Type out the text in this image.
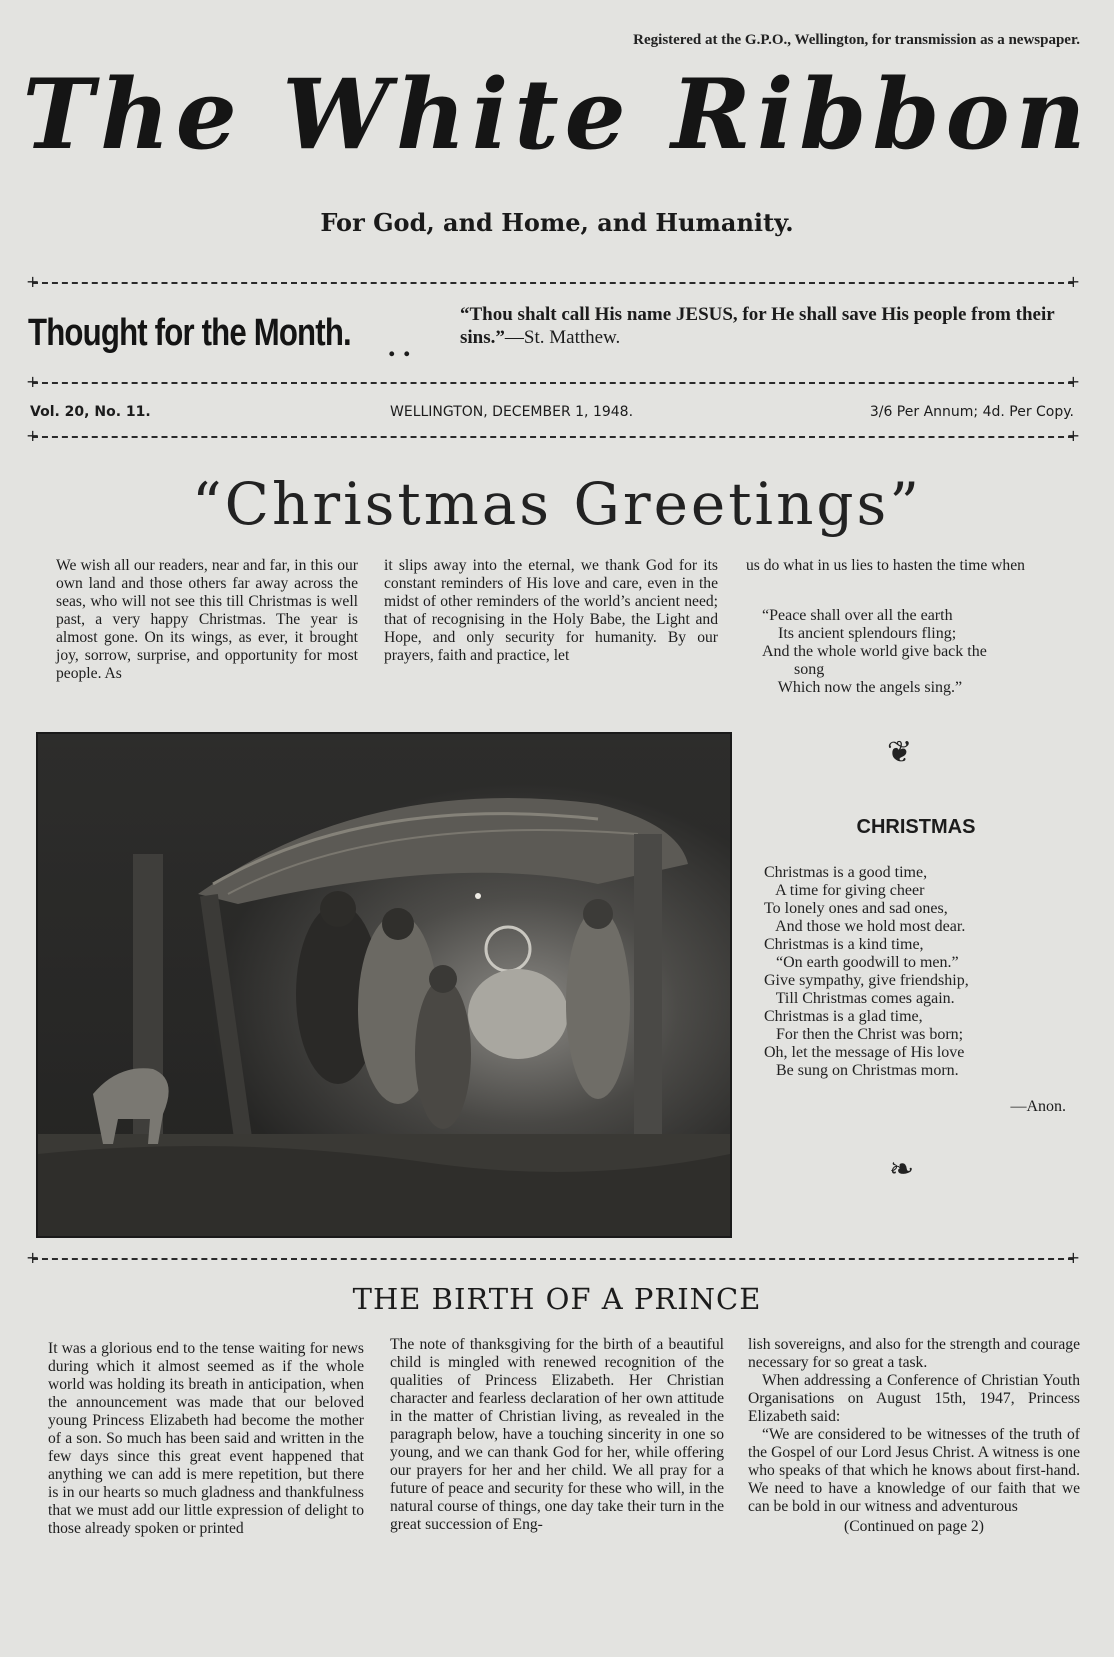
Registered at the G.P.O., Wellington, for transmission as a newspaper.
The White Ribbon
For God, and Home, and Humanity.
+ +
Thought for the Month. . .
“Thou shalt call His name JESUS, for He shall save His people from their sins.”—St. Matthew.
+ +
Vol. 20, No. 11.	WELLINGTON, DECEMBER 1, 1948.	3/6 Per Annum; 4d. Per Copy.
+ +
“Christmas Greetings”
We wish all our readers, near and far, in this our own land and those others far away across the seas, who will not see this till Christmas is well past, a very happy Christmas. The year is almost gone. On its wings, as ever, it brought joy, sorrow, surprise, and opportunity for most people. As
it slips away into the eternal, we thank God for its constant reminders of His love and care, even in the midst of other reminders of the world’s ancient need; that of recognising in the Holy Babe, the Light and Hope, and only security for humanity. By our prayers, faith and practice, let
us do what in us lies to hasten the time when
“Peace shall over all the earth
Its ancient splendours fling;
And the whole world give back the
song
Which now the angels sing.”
❦
CHRISTMAS
Christmas is a good time,
A time for giving cheer
To lonely ones and sad ones,
And those we hold most dear.
Christmas is a kind time,
“On earth goodwill to men.”
Give sympathy, give friendship,
Till Christmas comes again.
Christmas is a glad time,
For then the Christ was born;
Oh, let the message of His love
Be sung on Christmas morn.
—Anon.
❧
+ +
THE BIRTH OF A PRINCE
It was a glorious end to the tense waiting for news during which it almost seemed as if the whole world was holding its breath in anticipation, when the announcement was made that our beloved young Princess Elizabeth had become the mother of a son. So much has been said and written in the few days since this great event happened that anything we can add is mere repetition, but there is in our hearts so much gladness and thankfulness that we must add our little expression of delight to those already spoken or printed
The note of thanksgiving for the birth of a beautiful child is mingled with renewed recognition of the qualities of Princess Elizabeth. Her Christian character and fearless declaration of her own attitude in the matter of Christian living, as revealed in the paragraph below, have a touching sincerity in one so young, and we can thank God for her, while offering our prayers for her and her child. We all pray for a future of peace and security for these who will, in the natural course of things, one day take their turn in the great succession of Eng-
lish sovereigns, and also for the strength and courage necessary for so great a task.
When addressing a Conference of Christian Youth Organisations on August 15th, 1947, Princess Elizabeth said:
“We are considered to be witnesses of the truth of the Gospel of our Lord Jesus Christ. A witness is one who speaks of that which he knows about first-hand. We need to have a knowledge of our faith that we can be bold in our witness and adventurous
(Continued on page 2)
